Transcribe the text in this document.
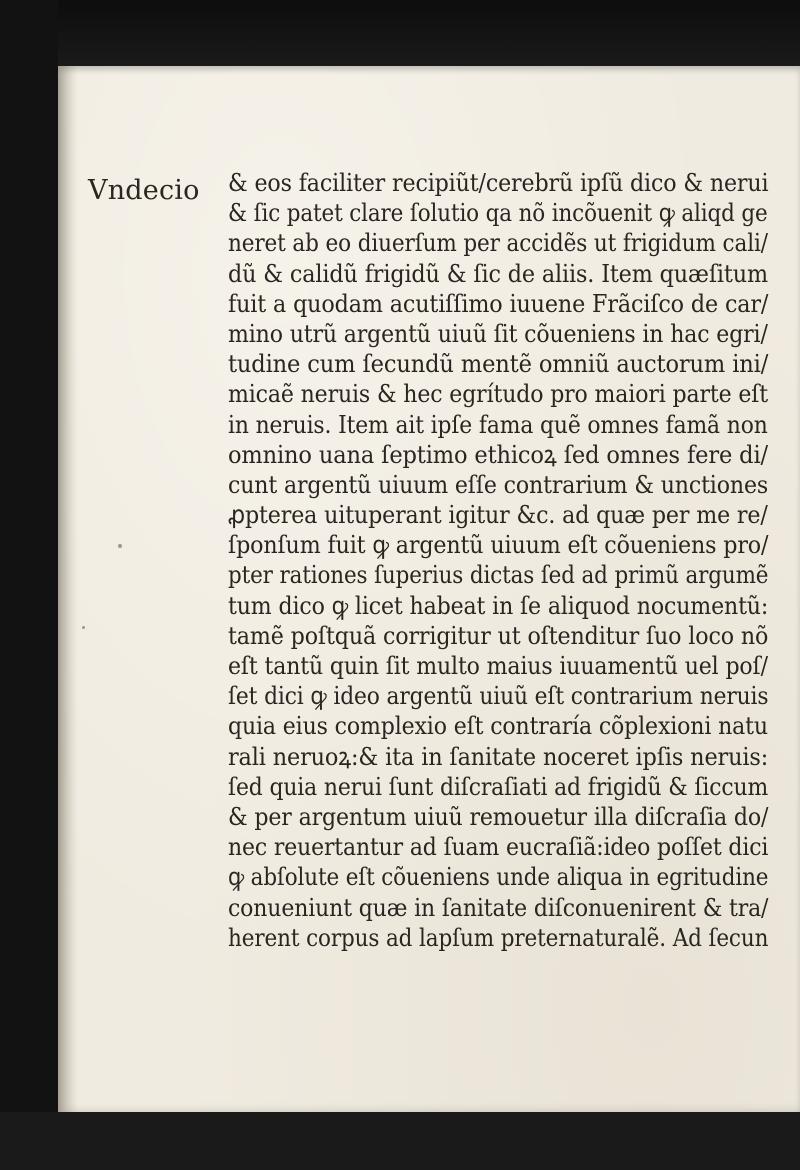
Vndecio & eos faciliter recipiũt/cerebrũ ipſũ dico & nerui
& ſic patet clare ſolutio qa nõ incõuenit ꝙ aliqd ge
neret ab eo diuerſum per accidẽs ut frigidum cali/
dũ & calidũ frigidũ & ſic de aliis. Item quæſitum
fuit a quodam acutiſſimo iuuene Frãciſco de car/
mino utrũ argentũ uiuũ ſit cõueniens in hac egri/
tudine cum ſecundũ mentẽ omniũ auctorum ini/
micaẽ neruis & hec egrítudo pro maiori parte eſt
in neruis. Item ait ipſe fama quẽ omnes famã non
omnino uana ſeptimo ethicoꝝ ſed omnes fere di/
cunt argentũ uiuum eſſe contrarium & unctiones
ꝓpterea uituperant igitur &c. ad quæ per me re/
ſponſum fuit ꝙ argentũ uiuum eſt cõueniens pro/
pter rationes ſuperius dictas ſed ad primũ argumẽ
tum dico ꝙ licet habeat in ſe aliquod nocumentũ:
tamẽ poſtquã corrigitur ut oſtenditur ſuo loco nõ
eſt tantũ quin ſit multo maius iuuamentũ uel poſ/
ſet dici ꝙ ideo argentũ uiuũ eſt contrarium neruis
quia eius complexio eſt contraría cõplexioni natu
rali neruoꝝ:& ita in ſanitate noceret ipſis neruis:
ſed quia nerui ſunt diſcraſiati ad frigidũ & ſiccum
& per argentum uiuũ remouetur illa diſcraſia do/
nec reuertantur ad ſuam eucraſiã:ideo poſſet dici
ꝙ abſolute eſt cõueniens unde aliqua in egritudine
conueniunt quæ in ſanitate diſconuenirent & tra/
herent corpus ad lapſum preternaturalẽ. Ad ſecun
